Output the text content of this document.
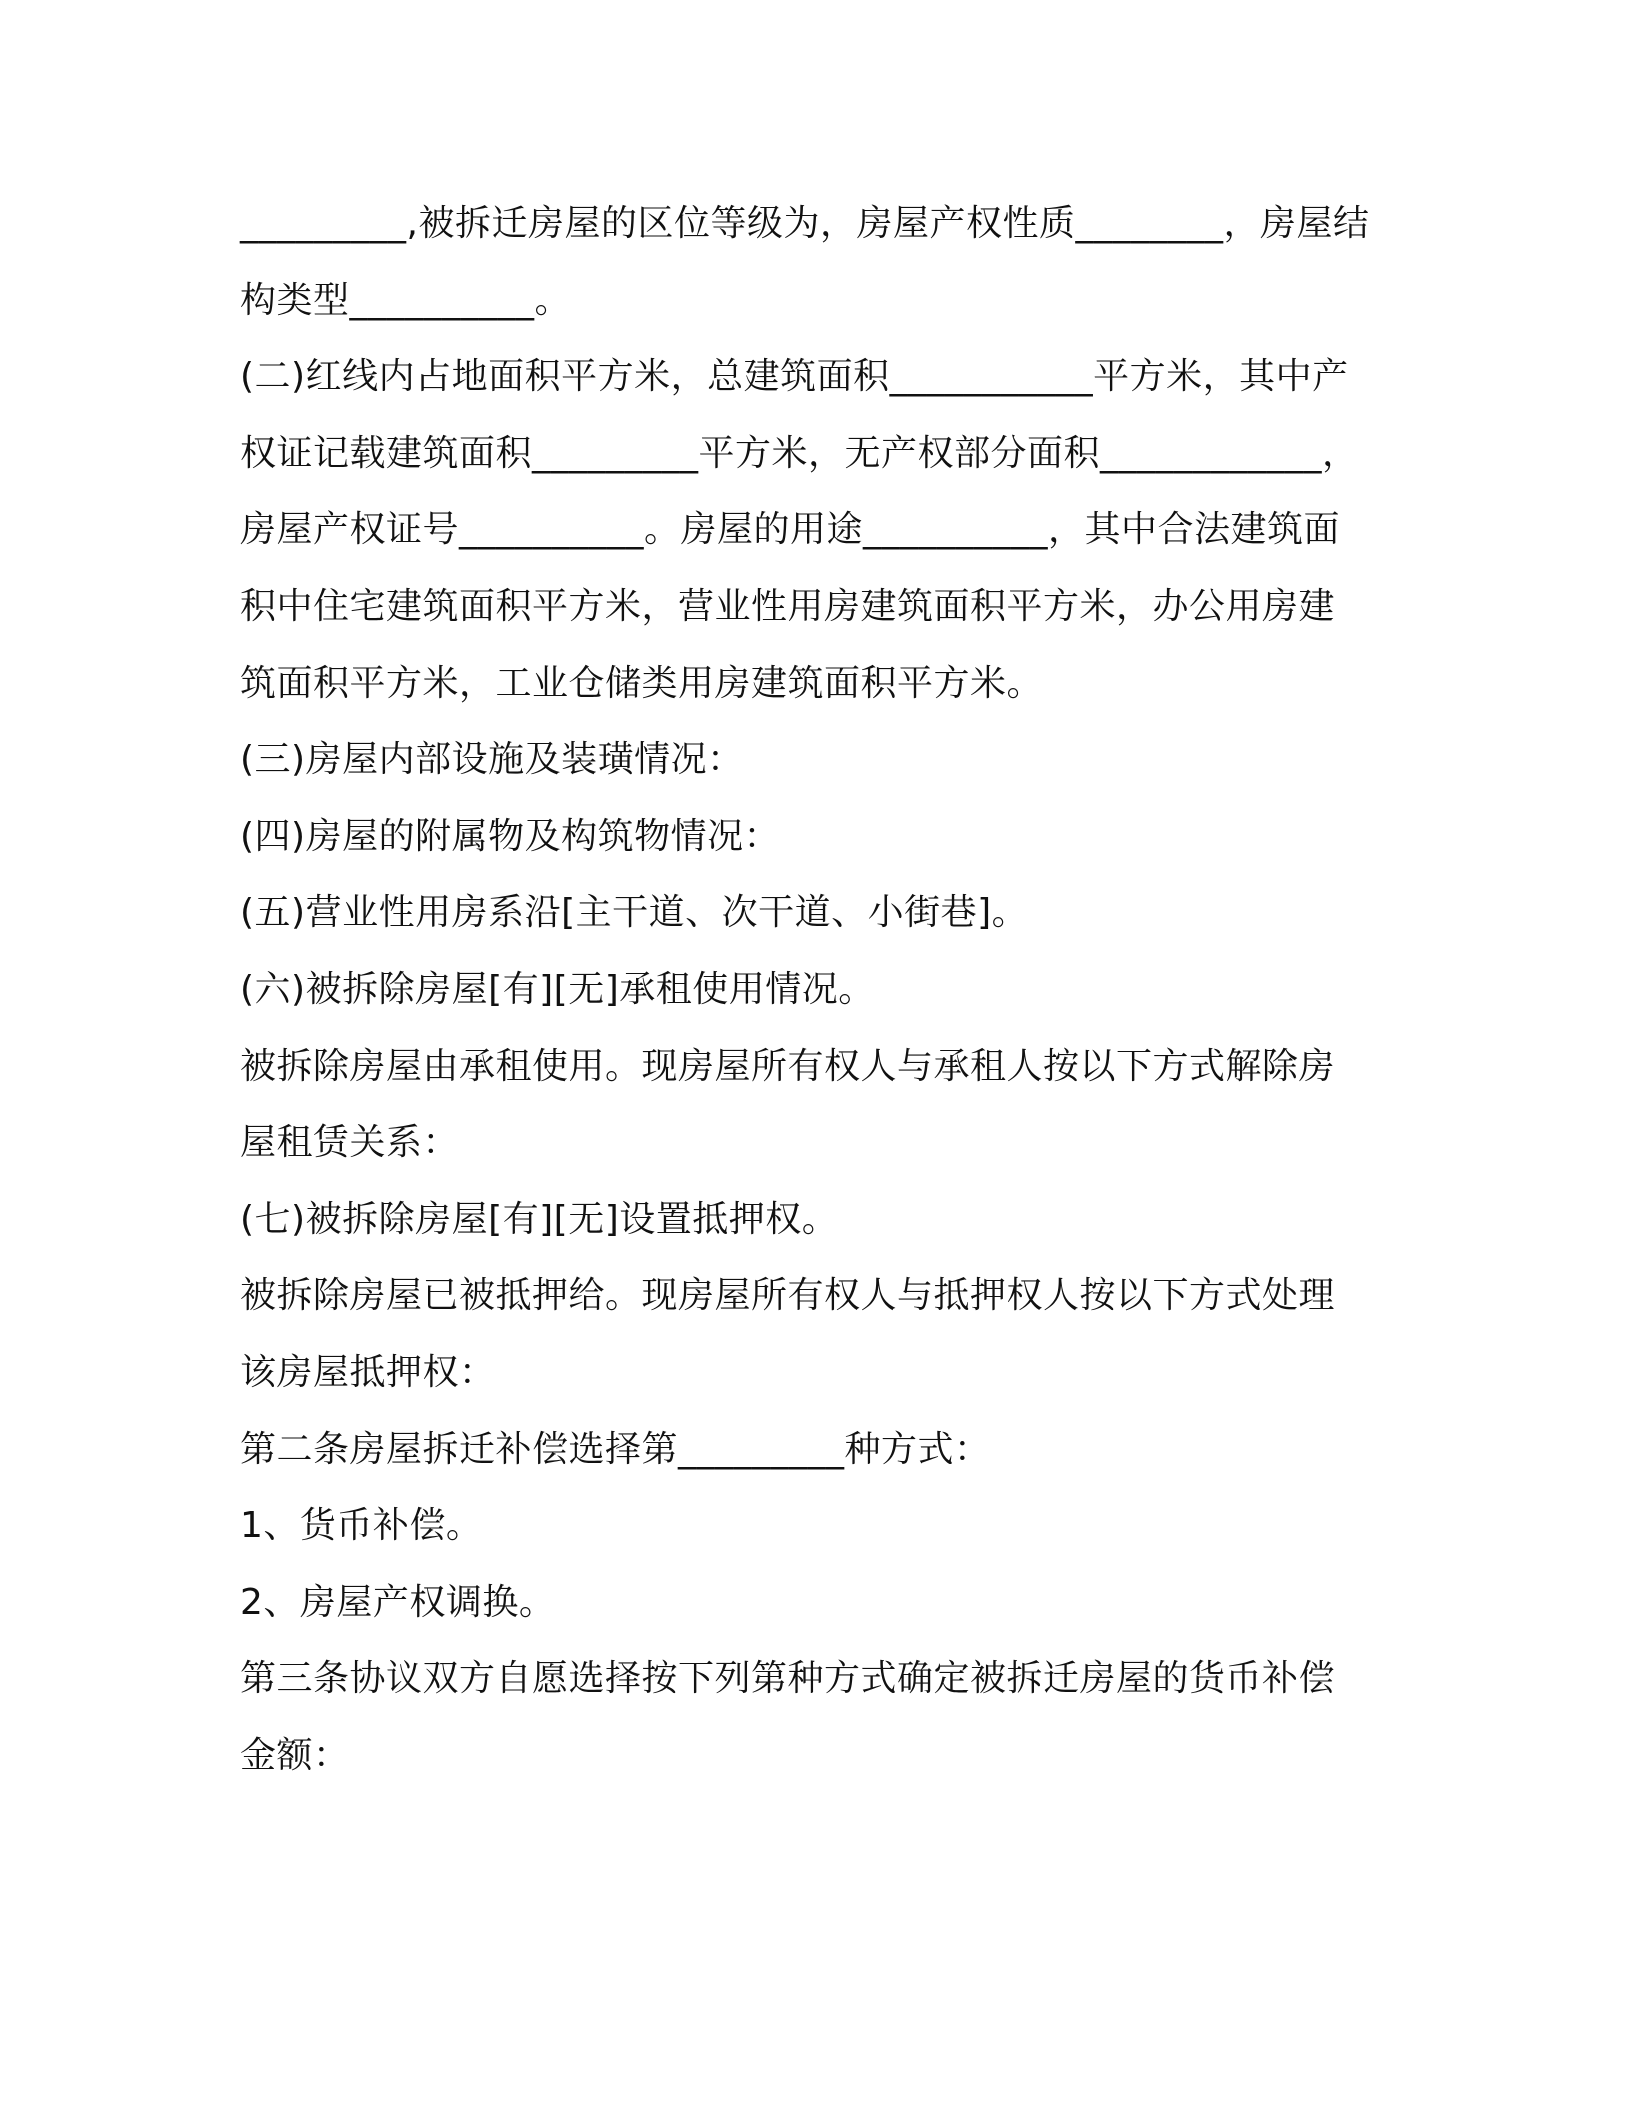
_________,被拆迁房屋的区位等级为，房屋产权性质________，房屋结
构类型__________。
(二)红线内占地面积平方米，总建筑面积___________平方米，其中产
权证记载建筑面积_________平方米，无产权部分面积____________，
房屋产权证号__________。房屋的用途__________，其中合法建筑面
积中住宅建筑面积平方米，营业性用房建筑面积平方米，办公用房建
筑面积平方米，工业仓储类用房建筑面积平方米。
(三)房屋内部设施及装璜情况：
(四)房屋的附属物及构筑物情况：
(五)营业性用房系沿[主干道、次干道、小街巷]。
(六)被拆除房屋[有][无]承租使用情况。
被拆除房屋由承租使用。现房屋所有权人与承租人按以下方式解除房
屋租赁关系：
(七)被拆除房屋[有][无]设置抵押权。
被拆除房屋已被抵押给。现房屋所有权人与抵押权人按以下方式处理
该房屋抵押权：
第二条房屋拆迁补偿选择第_________种方式：
1、货币补偿。
2、房屋产权调换。
第三条协议双方自愿选择按下列第种方式确定被拆迁房屋的货币补偿
金额：
